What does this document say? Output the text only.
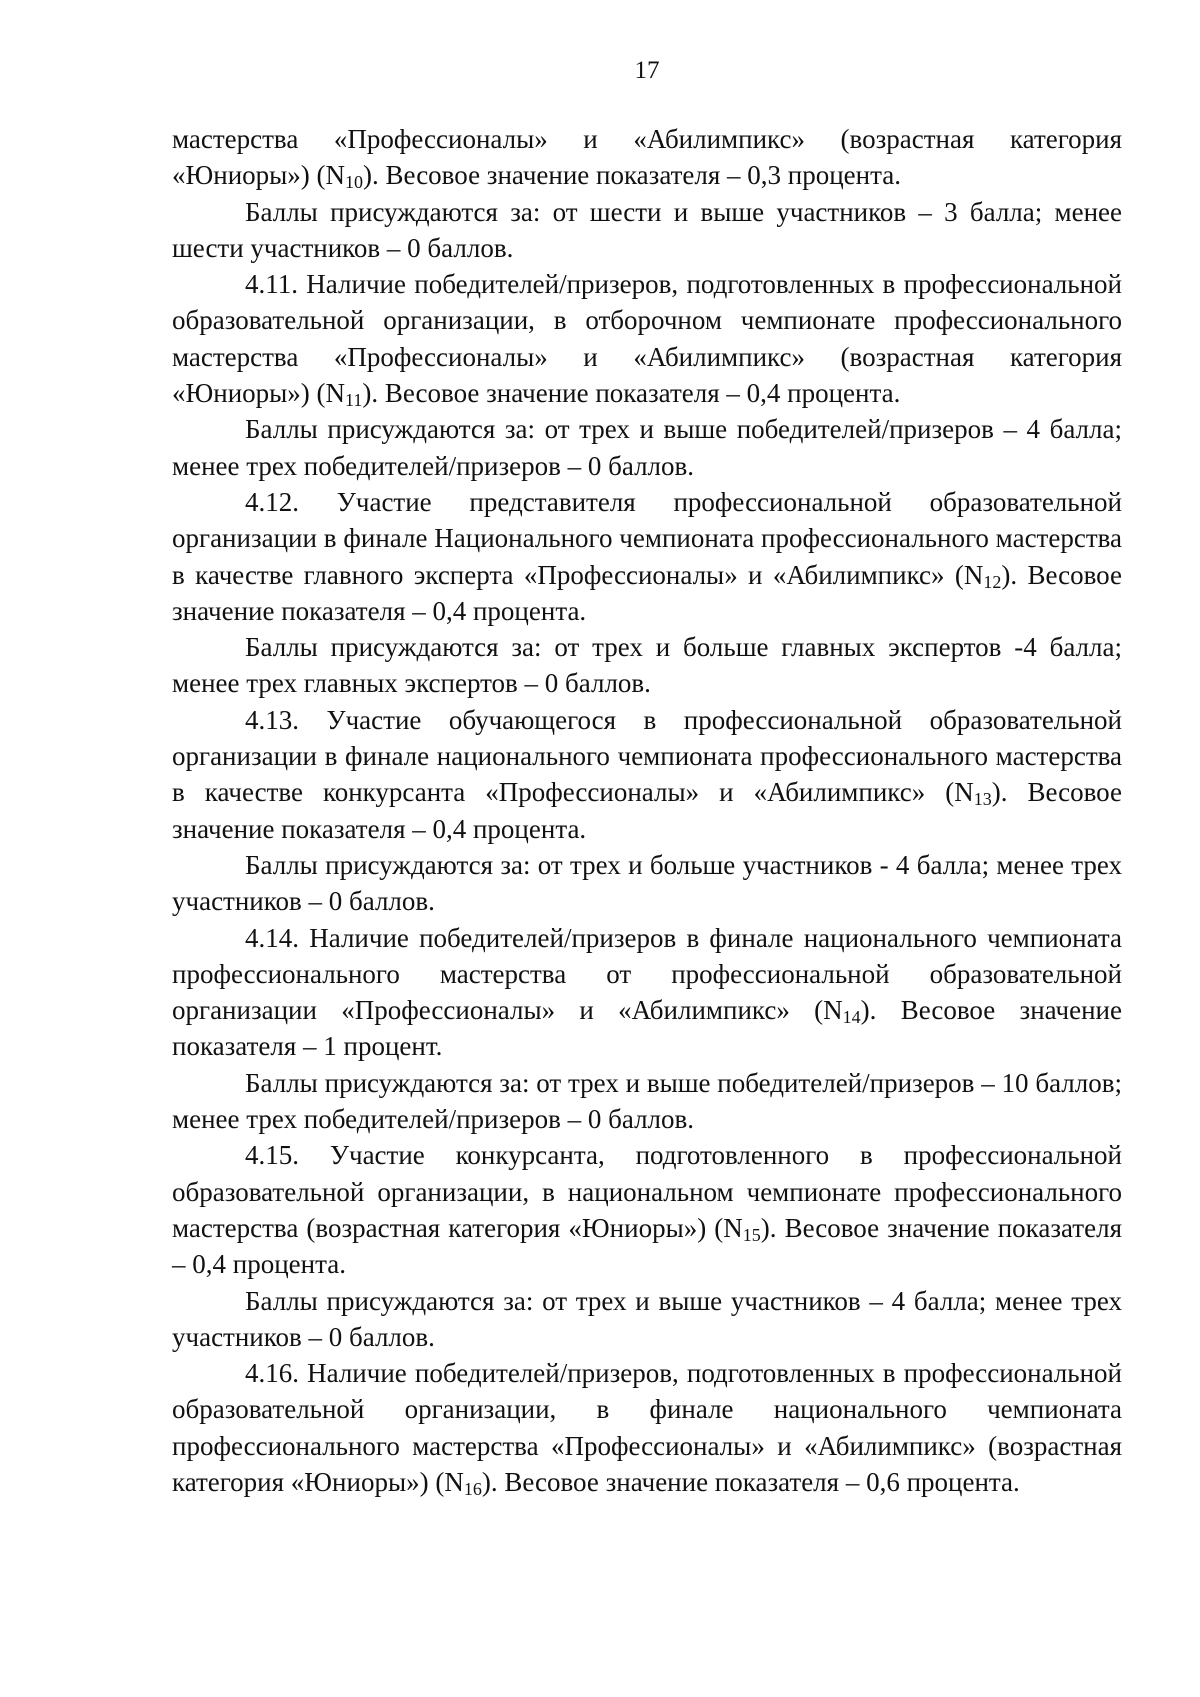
17

мастерства «Профессионалы» и «Абилимпикс» (возрастная категория «Юниоры») $(N_{10})$. Весовое значение показателя – 0,3 процента.

Баллы присуждаются за: от шести и выше участников – 3 балла; менее шести участников – 0 баллов.

4.11. Наличие победителей/призеров, подготовленных в профессиональной образовательной организации, в отборочном чемпионате профессионального мастерства «Профессионалы» и «Абилимпикс» (возрастная категория «Юниоры») $(N_{11})$. Весовое значение показателя – 0,4 процента.

Баллы присуждаются за: от трех и выше победителей/призеров – 4 балла; менее трех победителей/призеров – 0 баллов.

4.12. Участие представителя профессиональной образовательной организации в финале Национального чемпионата профессионального мастерства в качестве главного эксперта «Профессионалы» и «Абилимпикс» $(N_{12})$. Весовое значение показателя – 0,4 процента.

Баллы присуждаются за: от трех и больше главных экспертов -4 балла; менее трех главных экспертов – 0 баллов.

4.13. Участие обучающегося в профессиональной образовательной организации в финале национального чемпионата профессионального мастерства в качестве конкурсанта «Профессионалы» и «Абилимпикс» $(N_{13})$. Весовое значение показателя – 0,4 процента.

Баллы присуждаются за: от трех и больше участников - 4 балла; менее трех участников – 0 баллов.

4.14. Наличие победителей/призеров в финале национального чемпионата профессионального мастерства от профессиональной образовательной организации «Профессионалы» и «Абилимпикс» $(N_{14})$. Весовое значение показателя – 1 процент.

Баллы присуждаются за: от трех и выше победителей/призеров – 10 баллов; менее трех победителей/призеров – 0 баллов.

4.15. Участие конкурсанта, подготовленного в профессиональной образовательной организации, в национальном чемпионате профессионального мастерства (возрастная категория «Юниоры») $(N_{15})$. Весовое значение показателя – 0,4 процента.

Баллы присуждаются за: от трех и выше участников – 4 балла; менее трех участников – 0 баллов.

4.16. Наличие победителей/призеров, подготовленных в профессиональной образовательной организации, в финале национального чемпионата профессионального мастерства «Профессионалы» и «Абилимпикс» (возрастная категория «Юниоры») $(N_{16})$. Весовое значение показателя – 0,6 процента.
